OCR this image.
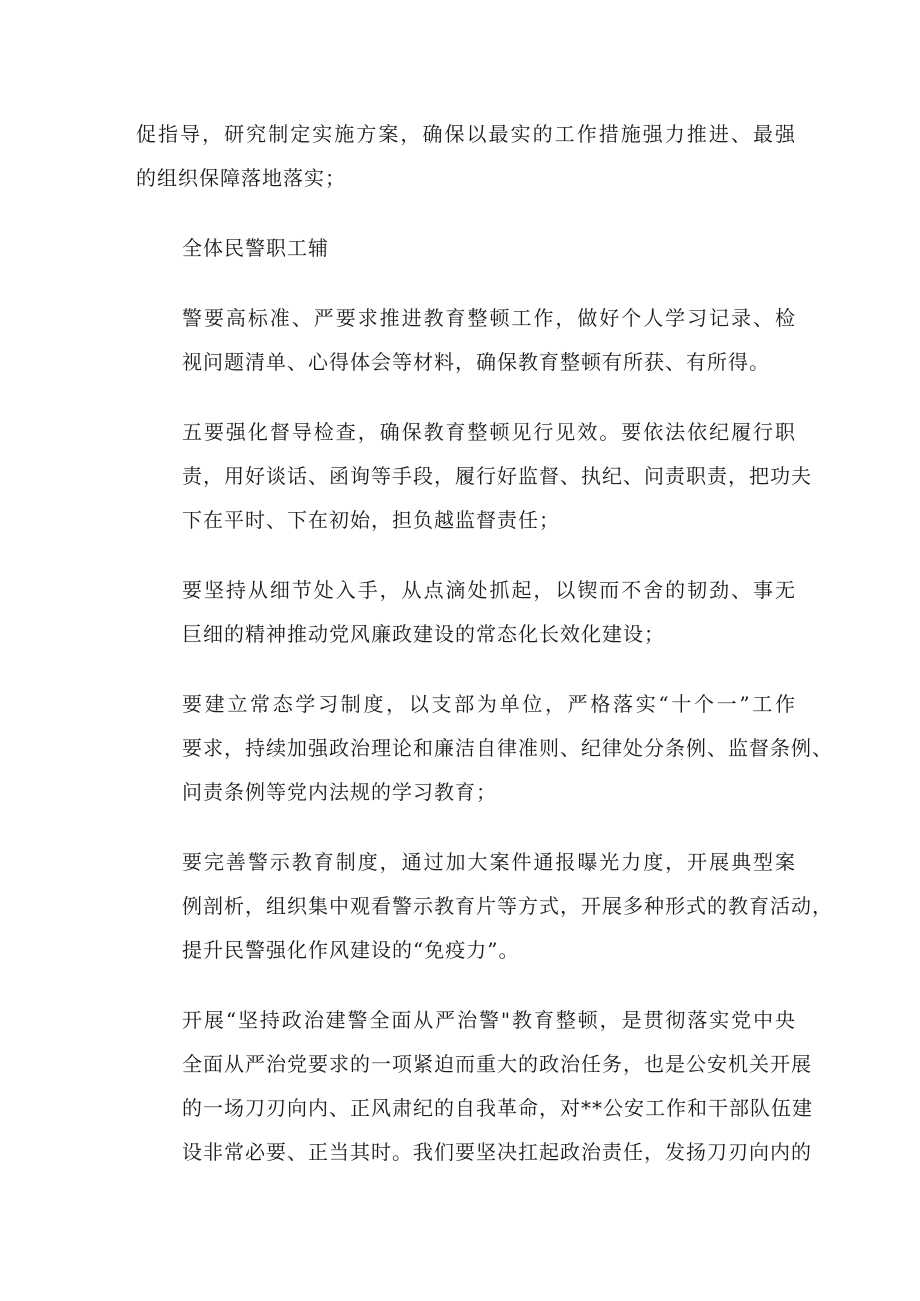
促指导，研究制定实施方案，确保以最实的工作措施强力推进、最强
的组织保障落地落实；
全体民警职工辅
警要高标准、严要求推进教育整顿工作，做好个人学习记录、检
视问题清单、心得体会等材料，确保教育整顿有所获、有所得。
五要强化督导检查，确保教育整顿见行见效。要依法依纪履行职
责，用好谈话、函询等手段，履行好监督、执纪、问责职责，把功夫
下在平时、下在初始，担负越监督责任；
要坚持从细节处入手，从点滴处抓起，以锲而不舍的韧劲、事无
巨细的精神推动党风廉政建设的常态化长效化建设；
要建立常态学习制度，以支部为单位，严格落实“十个一”工作
要求，持续加强政治理论和廉洁自律准则、纪律处分条例、监督条例、
问责条例等党内法规的学习教育；
要完善警示教育制度，通过加大案件通报曝光力度，开展典型案
例剖析，组织集中观看警示教育片等方式，开展多种形式的教育活动，
提升民警强化作风建设的“免疫力”。
开展“坚持政治建警全面从严治警"教育整顿，是贯彻落实党中央
全面从严治党要求的一项紧迫而重大的政治任务，也是公安机关开展
的一场刀刃向内、正风肃纪的自我革命，对**公安工作和干部队伍建
设非常必要、正当其时。我们要坚决扛起政治责任，发扬刀刃向内的
